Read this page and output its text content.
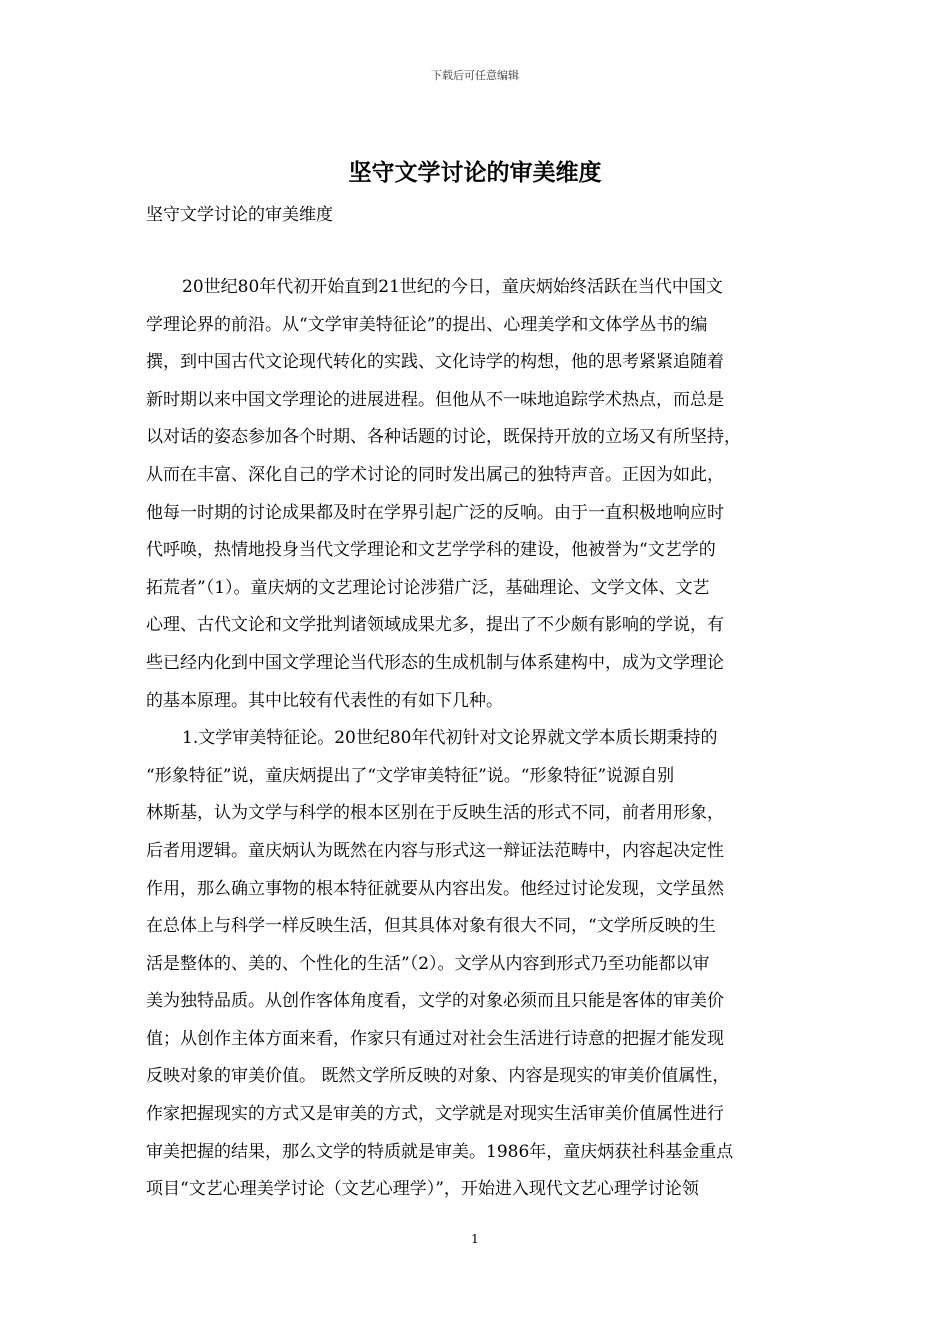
下载后可任意编辑
坚守文学讨论的审美维度
坚守文学讨论的审美维度
20世纪80年代初开始直到21世纪的今日，童庆炳始终活跃在当代中国文
学理论界的前沿。从“文学审美特征论”的提出、心理美学和文体学丛书的编
撰，到中国古代文论现代转化的实践、文化诗学的构想，他的思考紧紧追随着
新时期以来中国文学理论的进展进程。但他从不一味地追踪学术热点，而总是
以对话的姿态参加各个时期、各种话题的讨论，既保持开放的立场又有所坚持，
从而在丰富、深化自己的学术讨论的同时发出属己的独特声音。正因为如此，
他每一时期的讨论成果都及时在学界引起广泛的反响。由于一直积极地响应时
代呼唤，热情地投身当代文学理论和文艺学学科的建设，他被誉为“文艺学的
拓荒者”（1）。童庆炳的文艺理论讨论涉猎广泛，基础理论、文学文体、文艺
心理、古代文论和文学批判诸领域成果尤多，提出了不少颇有影响的学说，有
些已经内化到中国文学理论当代形态的生成机制与体系建构中，成为文学理论
的基本原理。其中比较有代表性的有如下几种。
1.文学审美特征论。20世纪80年代初针对文论界就文学本质长期秉持的
“形象特征”说，童庆炳提出了“文学审美特征”说。“形象特征”说源自别
林斯基，认为文学与科学的根本区别在于反映生活的形式不同，前者用形象，
后者用逻辑。童庆炳认为既然在内容与形式这一辩证法范畴中，内容起决定性
作用，那么确立事物的根本特征就要从内容出发。他经过讨论发现，文学虽然
在总体上与科学一样反映生活，但其具体对象有很大不同，“文学所反映的生
活是整体的、美的、个性化的生活”（2）。文学从内容到形式乃至功能都以审
美为独特品质。从创作客体角度看，文学的对象必须而且只能是客体的审美价
值；从创作主体方面来看，作家只有通过对社会生活进行诗意的把握才能发现
反映对象的审美价值。 既然文学所反映的对象、内容是现实的审美价值属性，
作家把握现实的方式又是审美的方式，文学就是对现实生活审美价值属性进行
审美把握的结果，那么文学的特质就是审美。1986年，童庆炳获社科基金重点
项目“文艺心理美学讨论（文艺心理学）”，开始进入现代文艺心理学讨论领
1
